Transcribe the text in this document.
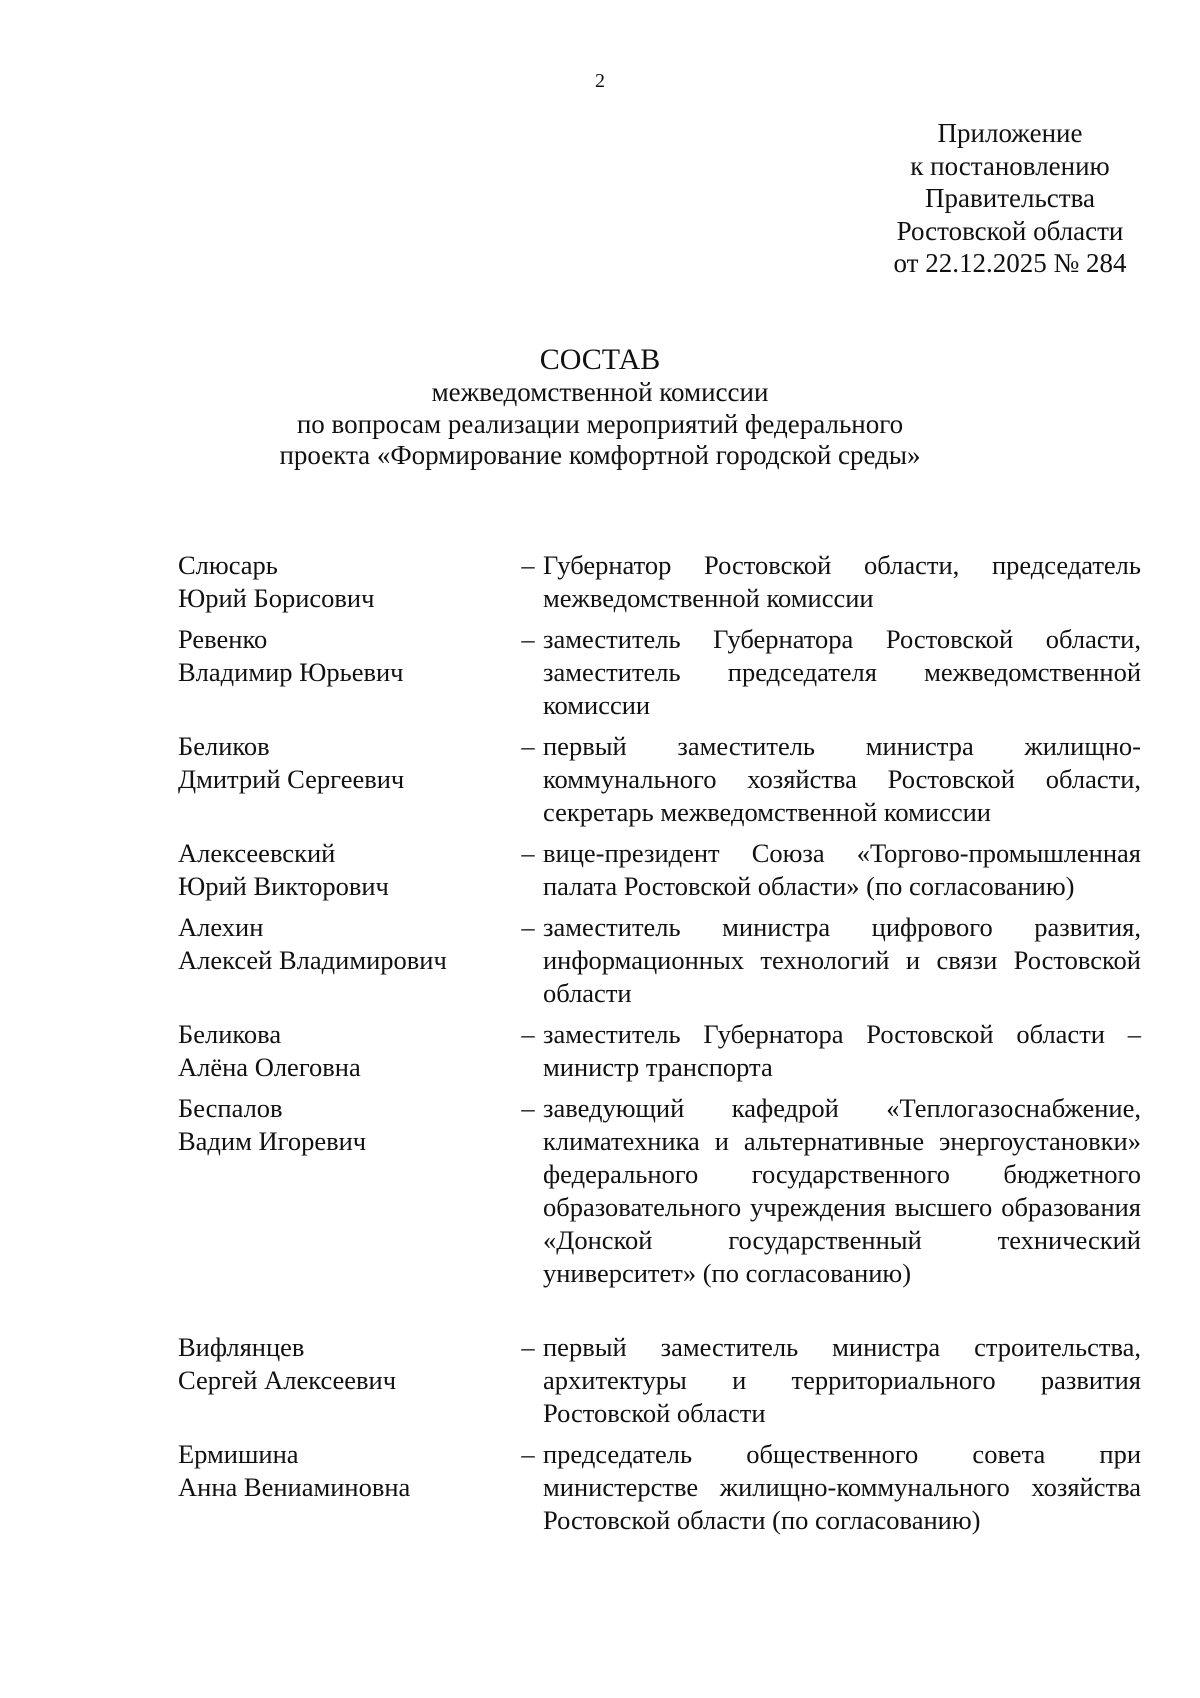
2
Приложение
к постановлению
Правительства
Ростовской области
от 22.12.2025 № 284
СОСТАВ
межведомственной комиссии
по вопросам реализации мероприятий федерального
проекта «Формирование комфортной городской среды»
Слюсарь
Юрий Борисович
– Губернатор Ростовской области, председатель межведомственной комиссии
Ревенко
Владимир Юрьевич
– заместитель Губернатора Ростовской области, заместитель председателя межведомственной комиссии
Беликов
Дмитрий Сергеевич
– первый заместитель министра жилищно-коммунального хозяйства Ростовской области, секретарь межведомственной комиссии
Алексеевский
Юрий Викторович
– вице-президент Союза «Торгово-промышленная палата Ростовской области» (по согласованию)
Алехин
Алексей Владимирович
– заместитель министра цифрового развития, информационных технологий и связи Ростовской области
Беликова
Алёна Олеговна
– заместитель Губернатора Ростовской области – министр транспорта
Беспалов
Вадим Игоревич
– заведующий кафедрой «Теплогазоснабжение, климатехника и альтернативные энергоустановки» федерального государственного бюджетного образовательного учреждения высшего образования «Донской государственный технический университет» (по согласованию)
Вифлянцев
Сергей Алексеевич
– первый заместитель министра строительства, архитектуры и территориального развития Ростовской области
Ермишина
Анна Вениаминовна
– председатель общественного совета при министерстве жилищно-коммунального хозяйства Ростовской области (по согласованию)
